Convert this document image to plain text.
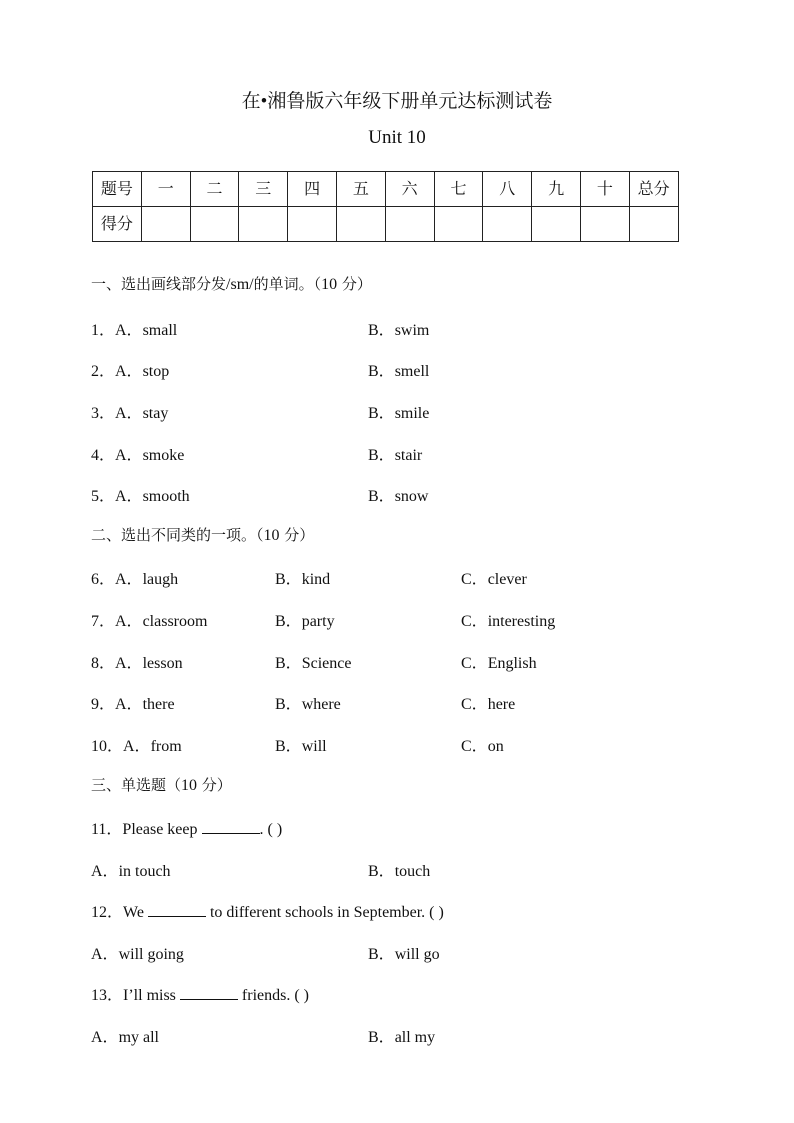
在•湘鲁版六年级下册单元达标测试卷
Unit 10
题号	一	二	三	四	五	六	七	八	九	十	总分
得分											
一、选出画线部分发/sm/的单词。（10 分）
1．A．small	B．swim
2．A．stop	B．smell
3．A．stay	B．smile
4．A．smoke	B．stair
5．A．smooth	B．snow
二、选出不同类的一项。（10 分）
6．A．laugh	B．kind	C．clever
7．A．classroom	B．party	C．interesting
8．A．lesson	B．Science	C．English
9．A．there	B．where	C．here
10．A．from	B．will	C．on
三、单选题（10 分）
11．Please keep	. ( )
A．in touch	B．touch
12．We	to different schools in September. ( )
A．will going	B．will go
13．I’ll miss	friends. ( )
A．my all	B．all my
